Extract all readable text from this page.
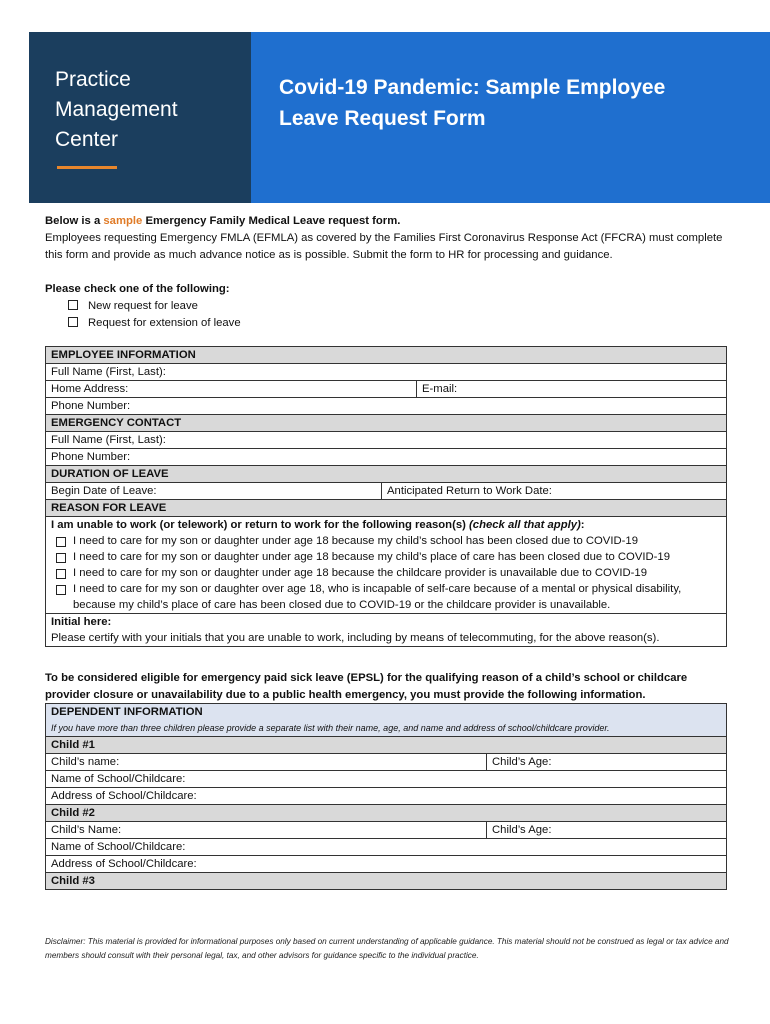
Practice
Management
Center
Covid-19 Pandemic: Sample Employee
Leave Request Form
Below is a sample Emergency Family Medical Leave request form.
Employees requesting Emergency FMLA (EFMLA) as covered by the Families First Coronavirus Response Act (FFCRA) must complete this form and provide as much advance notice as is possible. Submit the form to HR for processing and guidance.
Please check one of the following:
New request for leave
Request for extension of leave
EMPLOYEE INFORMATION
Full Name (First, Last):
Home Address:	E-mail:
Phone Number:
EMERGENCY CONTACT
Full Name (First, Last):
Phone Number:
DURATION OF LEAVE
Begin Date of Leave:	Anticipated Return to Work Date:
REASON FOR LEAVE
I am unable to work (or telework) or return to work for the following reason(s) (check all that apply):
I need to care for my son or daughter under age 18 because my child’s school has been closed due to COVID-19
I need to care for my son or daughter under age 18 because my child’s place of care has been closed due to COVID-19
I need to care for my son or daughter under age 18 because the childcare provider is unavailable due to COVID-19
I need to care for my son or daughter over age 18, who is incapable of self-care because of a mental or physical disability, because my child’s place of care has been closed due to COVID-19 or the childcare provider is unavailable.
Initial here:
Please certify with your initials that you are unable to work, including by means of telecommuting, for the above reason(s).
To be considered eligible for emergency paid sick leave (EPSL) for the qualifying reason of a child’s school or childcare provider closure or unavailability due to a public health emergency, you must provide the following information.
DEPENDENT INFORMATION
If you have more than three children please provide a separate list with their name, age, and name and address of school/childcare provider.
Child #1
Child’s name:	Child’s Age:
Name of School/Childcare:
Address of School/Childcare:
Child #2
Child’s Name:	Child’s Age:
Name of School/Childcare:
Address of School/Childcare:
Child #3
Disclaimer: This material is provided for informational purposes only based on current understanding of applicable guidance. This material should not be construed as legal or tax advice and members should consult with their personal legal, tax, and other advisors for guidance specific to the individual practice.
